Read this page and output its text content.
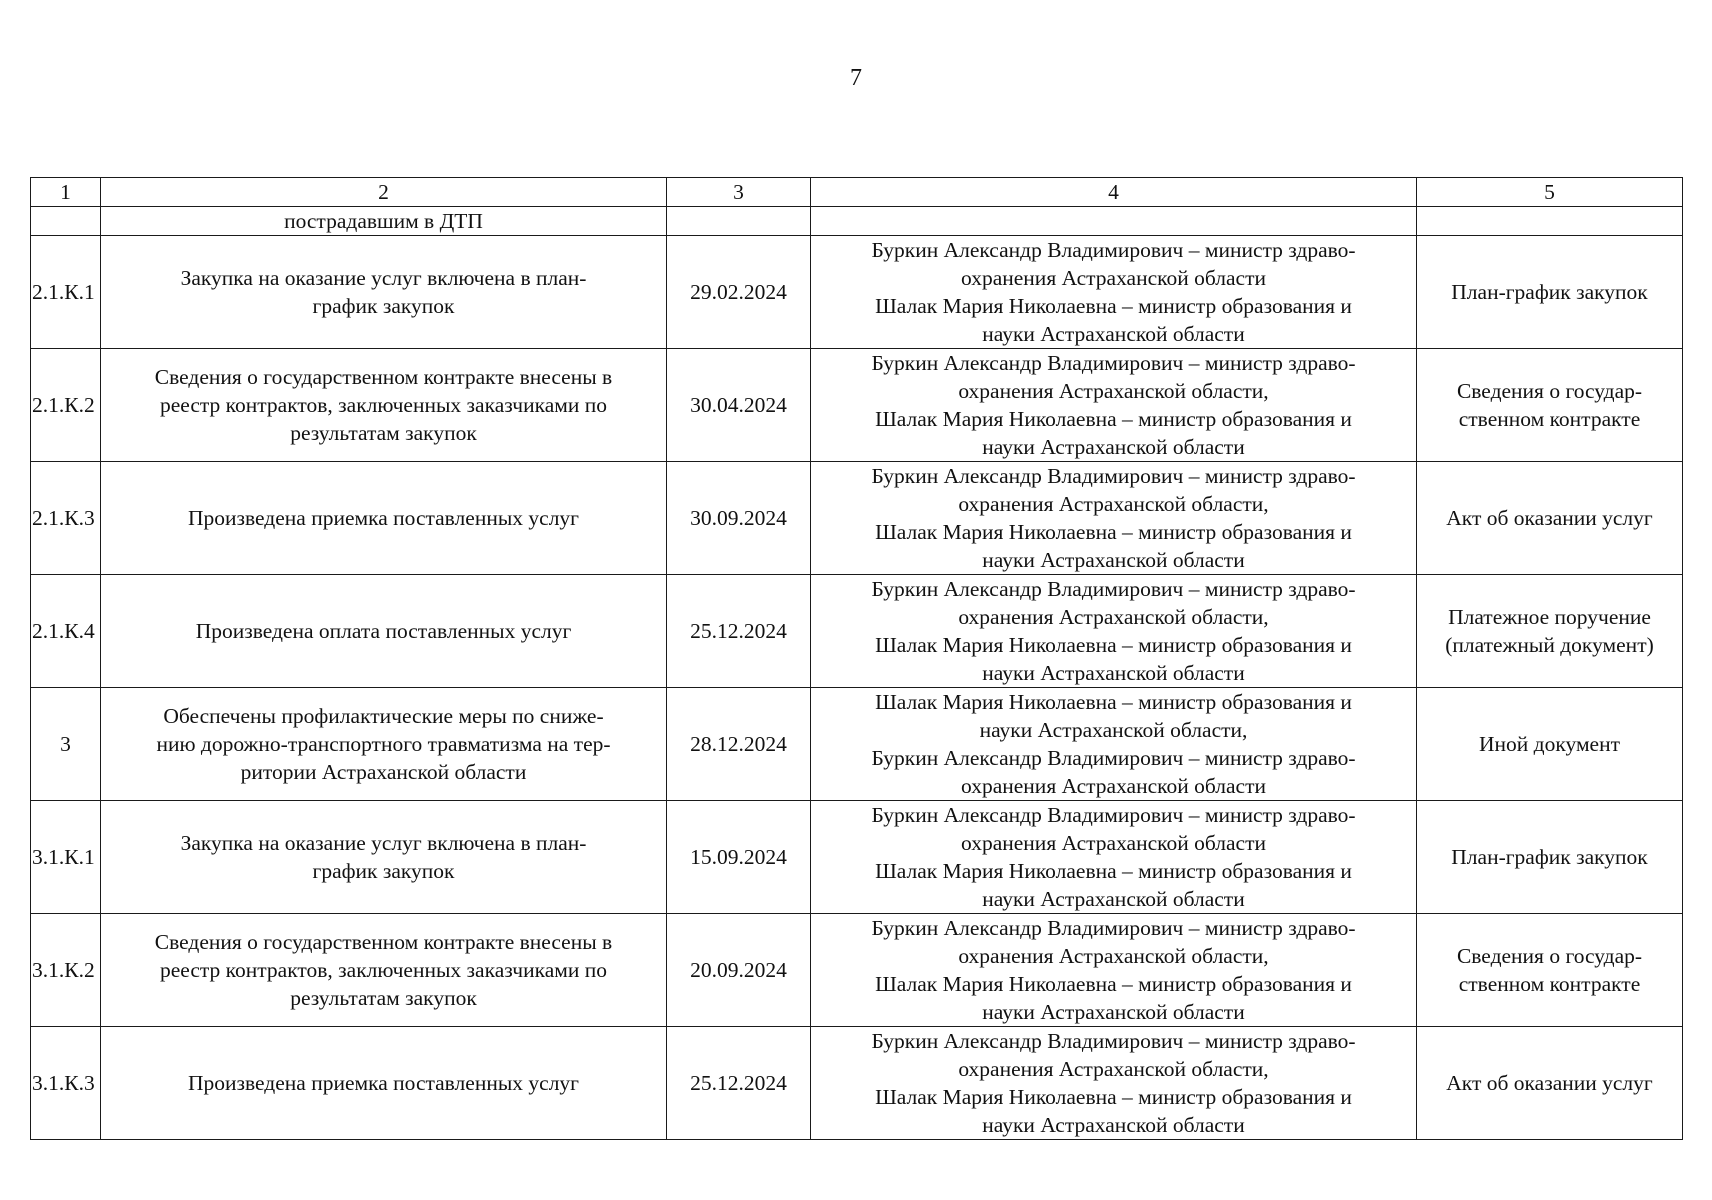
7
1	2	3	4	5
	пострадавшим в ДТП			
2.1.К.1	Закупка на оказание услуг включена в план-
график закупок	29.02.2024	Буркин Александр Владимирович – министр здраво-
охранения Астраханской области
Шалак Мария Николаевна – министр образования и
науки Астраханской области	План-график закупок

2.1.К.2	Сведения о государственном контракте внесены в
реестр контрактов, заключенных заказчиками по
результатам закупок	30.04.2024	Буркин Александр Владимирович – министр здраво-
охранения Астраханской области,
Шалак Мария Николаевна – министр образования и
науки Астраханской области	Сведения о государ-
ственном контракте

2.1.К.3	Произведена приемка поставленных услуг	30.09.2024	Буркин Александр Владимирович – министр здраво-
охранения Астраханской области,
Шалак Мария Николаевна – министр образования и
науки Астраханской области	Акт об оказании услуг

2.1.К.4	Произведена оплата поставленных услуг	25.12.2024	Буркин Александр Владимирович – министр здраво-
охранения Астраханской области,
Шалак Мария Николаевна – министр образования и
науки Астраханской области	Платежное поручение
(платежный документ)

3	Обеспечены профилактические меры по сниже-
нию дорожно-транспортного травматизма на тер-
ритории Астраханской области	28.12.2024	Шалак Мария Николаевна – министр образования и
науки Астраханской области,
Буркин Александр Владимирович – министр здраво-
охранения Астраханской области	Иной документ

3.1.К.1	Закупка на оказание услуг включена в план-
график закупок	15.09.2024	Буркин Александр Владимирович – министр здраво-
охранения Астраханской области
Шалак Мария Николаевна – министр образования и
науки Астраханской области	План-график закупок

3.1.К.2	Сведения о государственном контракте внесены в
реестр контрактов, заключенных заказчиками по
результатам закупок	20.09.2024	Буркин Александр Владимирович – министр здраво-
охранения Астраханской области,
Шалак Мария Николаевна – министр образования и
науки Астраханской области	Сведения о государ-
ственном контракте

3.1.К.3	Произведена приемка поставленных услуг	25.12.2024	Буркин Александр Владимирович – министр здраво-
охранения Астраханской области,
Шалак Мария Николаевна – министр образования и
науки Астраханской области	Акт об оказании услуг
